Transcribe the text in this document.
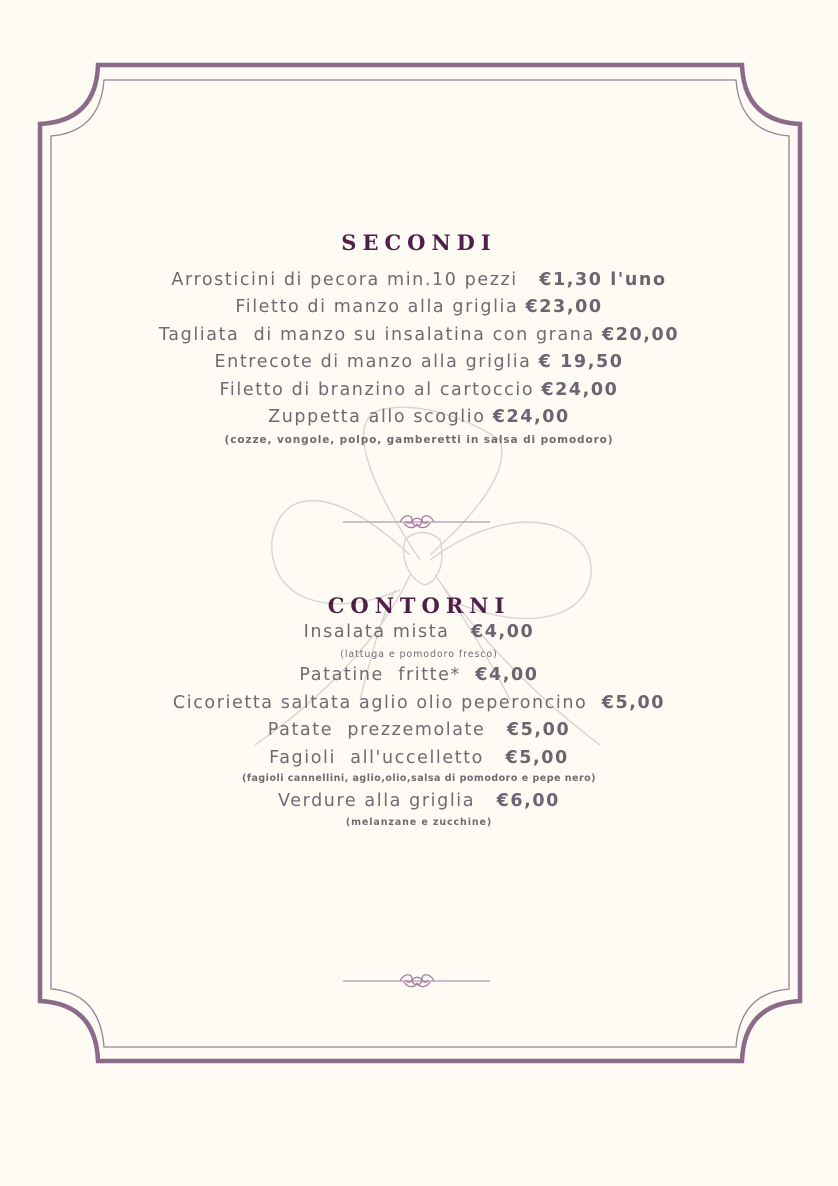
SECONDI
Arrosticini di pecora min.10 pezzi   €1,30 l'uno
Filetto di manzo alla griglia €23,00
Tagliata  di manzo su insalatina con grana €20,00
Entrecote di manzo alla griglia € 19,50
Filetto di branzino al cartoccio €24,00
Zuppetta allo scoglio €24,00
(cozze, vongole, polpo, gamberetti in salsa di pomodoro)
CONTORNI
Insalata mista   €4,00
(lattuga e pomodoro fresco)
Patatine  fritte*  €4,00
Cicorietta saltata aglio olio peperoncino  €5,00
Patate  prezzemolate   €5,00
Fagioli  all'uccelletto   €5,00
(fagioli cannellini, aglio,olio,salsa di pomodoro e pepe nero)
Verdure alla griglia   €6,00
(melanzane e zucchine)
